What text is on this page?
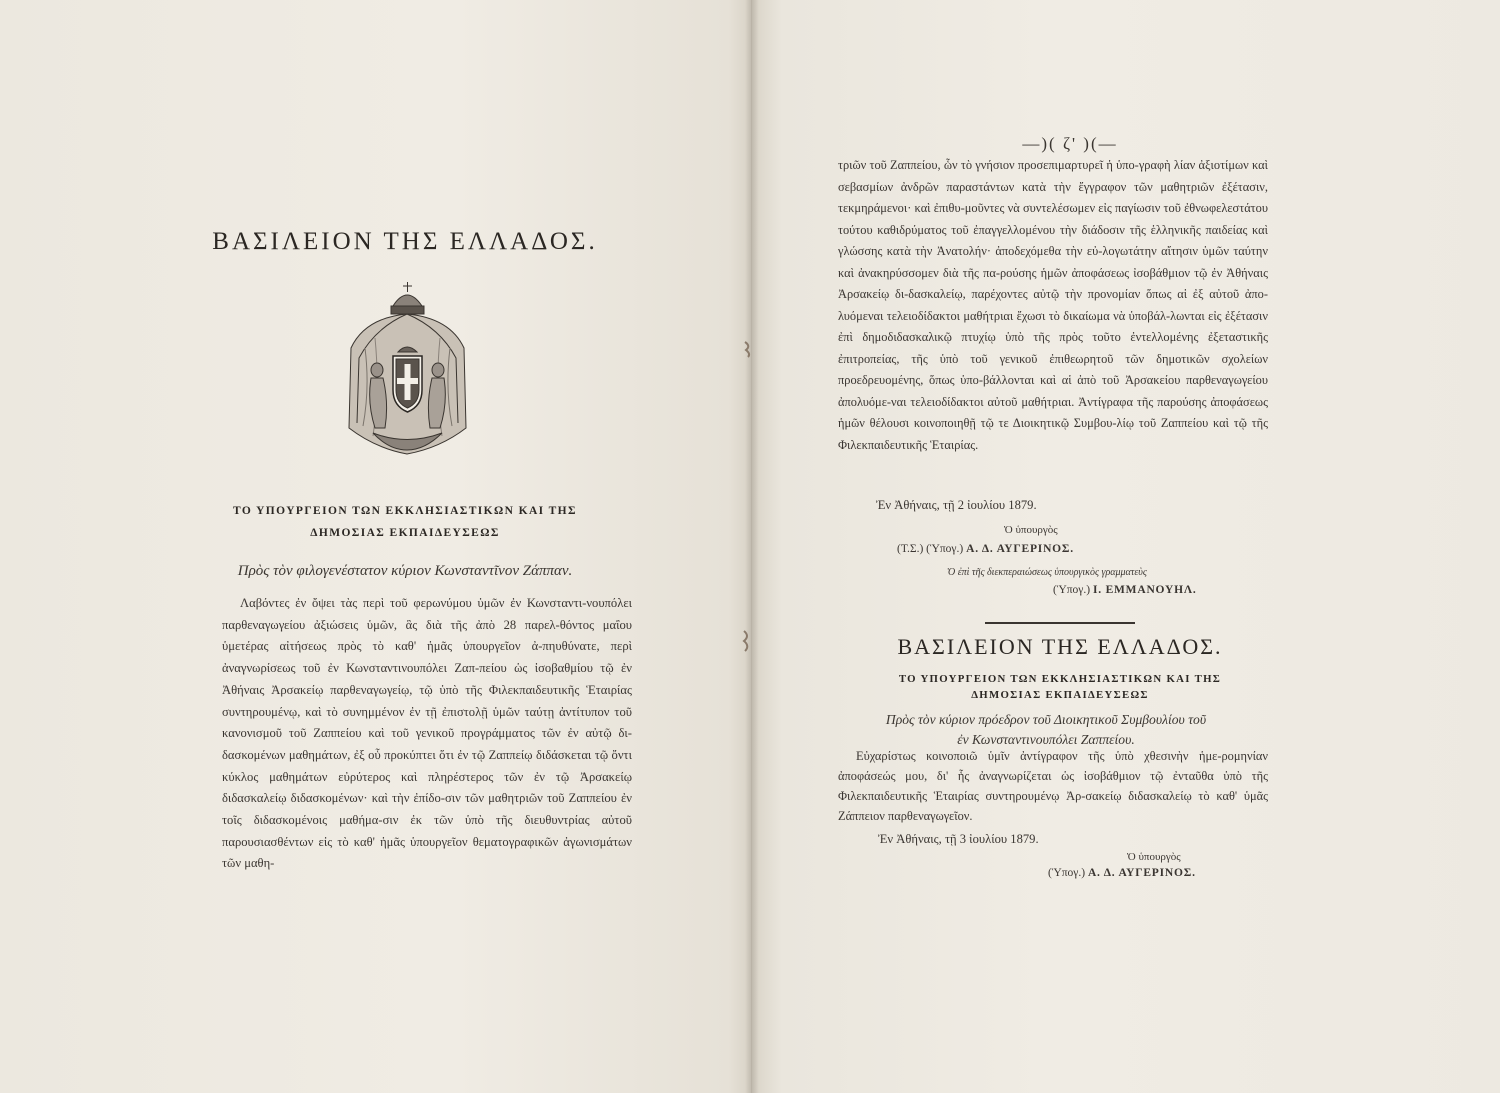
ΒΑΣΙΛΕΙΟΝ ΤΗΣ ΕΛΛΑΔΟΣ.
ΤΟ ΥΠΟΥΡΓΕΙΟΝ ΤΩΝ ΕΚΚΛΗΣΙΑΣΤΙΚΩΝ ΚΑΙ ΤΗΣ
ΔΗΜΟΣΙΑΣ ΕΚΠΑΙΔΕΥΣΕΩΣ
Πρὸς τὸν φιλογενέστατον κύριον Κωνσταντῖνον Ζάππαν.

Λαβόντες ἐν ὄψει τὰς περὶ τοῦ φερωνύμου ὑμῶν ἐν Κωνσταντι-νουπόλει παρθεναγωγείου ἀξιώσεις ὑμῶν, ἃς διὰ τῆς ἀπὸ 28 παρελ-θόντος μαΐου ὑμετέρας αἰτήσεως πρὸς τὸ καθ' ἡμᾶς ὑπουργεῖον ἀ-πηυθύνατε, περὶ ἀναγνωρίσεως τοῦ ἐν Κωνσταντινουπόλει Ζαπ-πείου ὡς ἰσοβαθμίου τῷ ἐν Ἀθήναις Ἀρσακείῳ παρθεναγωγείῳ, τῷ ὑπὸ τῆς Φιλεκπαιδευτικῆς Ἑταιρίας συντηρουμένῳ, καὶ τὸ συνημμένον ἐν τῇ ἐπιστολῇ ὑμῶν ταύτῃ ἀντίτυπον τοῦ κανονισμοῦ τοῦ Ζαππείου καὶ τοῦ γενικοῦ προγράμματος τῶν ἐν αὐτῷ δι-δασκομένων μαθημάτων, ἐξ οὗ προκύπτει ὅτι ἐν τῷ Ζαππείῳ διδάσκεται τῷ ὄντι κύκλος μαθημάτων εὐρύτερος καὶ πληρέστερος τῶν ἐν τῷ Ἀρσακείῳ διδασκαλείῳ διδασκομένων· καὶ τὴν ἐπίδο-σιν τῶν μαθητριῶν τοῦ Ζαππείου ἐν τοῖς διδασκομένοις μαθήμα-σιν ἐκ τῶν ὑπὸ τῆς διευθυντρίας αὐτοῦ παρουσιασθέντων εἰς τὸ καθ' ἡμᾶς ὑπουργεῖον θεματογραφικῶν ἀγωνισμάτων τῶν μαθη-

—)( ζ' )(—

τριῶν τοῦ Ζαππείου, ὧν τὸ γνήσιον προσεπιμαρτυρεῖ ἡ ὑπο-γραφὴ λίαν ἀξιοτίμων καὶ σεβασμίων ἀνδρῶν παραστάντων κατὰ τὴν ἔγγραφον τῶν μαθητριῶν ἐξέτασιν, τεκμηράμενοι· καὶ ἐπιθυ-μοῦντες νὰ συντελέσωμεν εἰς παγίωσιν τοῦ ἐθνωφελεστάτου τούτου καθιδρύματος τοῦ ἐπαγγελλομένου τὴν διάδοσιν τῆς ἑλληνικῆς παιδείας καὶ γλώσσης κατὰ τὴν Ἀνατολήν· ἀποδεχόμεθα τὴν εὐ-λογωτάτην αἴτησιν ὑμῶν ταύτην καὶ ἀνακηρύσσομεν διὰ τῆς πα-ρούσης ἡμῶν ἀποφάσεως ἰσοβάθμιον τῷ ἐν Ἀθήναις Ἀρσακείῳ δι-δασκαλείῳ, παρέχοντες αὐτῷ τὴν προνομίαν ὅπως αἱ ἐξ αὐτοῦ ἀπο-λυόμεναι τελειοδίδακτοι μαθήτριαι ἔχωσι τὸ δικαίωμα νὰ ὑποβάλ-λωνται εἰς ἐξέτασιν ἐπὶ δημοδιδασκαλικῷ πτυχίῳ ὑπὸ τῆς πρὸς τοῦτο ἐντελλομένης ἐξεταστικῆς ἐπιτροπείας, τῆς ὑπὸ τοῦ γενικοῦ ἐπιθεωρητοῦ τῶν δημοτικῶν σχολείων προεδρευομένης, ὅπως ὑπο-βάλλονται καὶ αἱ ἀπὸ τοῦ Ἀρσακείου παρθεναγωγείου ἀπολυόμε-ναι τελειοδίδακτοι αὐτοῦ μαθήτριαι. Ἀντίγραφα τῆς παρούσης ἀποφάσεως ἡμῶν θέλουσι κοινοποιηθῇ τῷ τε Διοικητικῷ Συμβου-λίῳ τοῦ Ζαππείου καὶ τῷ τῆς Φιλεκπαιδευτικῆς Ἑταιρίας.

Ἐν Ἀθήναις, τῇ 2 ἰουλίου 1879.
Ὁ ὑπουργὸς
(Τ.Σ.) (Ὑπογ.) Α. Δ. ΑΥΓΕΡΙΝΟΣ.
Ὁ ἐπὶ τῆς διεκπεραιώσεως ὑπουργικὸς γραμματεὺς
(Ὑπογ.) Ι. ΕΜΜΑΝΟΥΗΛ.
ΒΑΣΙΛΕΙΟΝ ΤΗΣ ΕΛΛΑΔΟΣ.
ΤΟ ΥΠΟΥΡΓΕΙΟΝ ΤΩΝ ΕΚΚΛΗΣΙΑΣΤΙΚΩΝ ΚΑΙ ΤΗΣ
ΔΗΜΟΣΙΑΣ ΕΚΠΑΙΔΕΥΣΕΩΣ
Πρὸς τὸν κύριον πρόεδρον τοῦ Διοικητικοῦ Συμβουλίου τοῦ
ἐν Κωνσταντινουπόλει Ζαππείου.

Εὐχαρίστως κοινοποιῶ ὑμῖν ἀντίγραφον τῆς ὑπὸ χθεσινὴν ἡμε-ρομηνίαν ἀποφάσεώς μου, δι' ἧς ἀναγνωρίζεται ὡς ἰσοβάθμιον τῷ ἐνταῦθα ὑπὸ τῆς Φιλεκπαιδευτικῆς Ἑταιρίας συντηρουμένῳ Ἀρ-σακείῳ διδασκαλείῳ τὸ καθ' ὑμᾶς Ζάππειον παρθεναγωγεῖον.

Ἐν Ἀθήναις, τῇ 3 ἰουλίου 1879.
Ὁ ὑπουργὸς
(Ὑπογ.) Α. Δ. ΑΥΓΕΡΙΝΟΣ.
